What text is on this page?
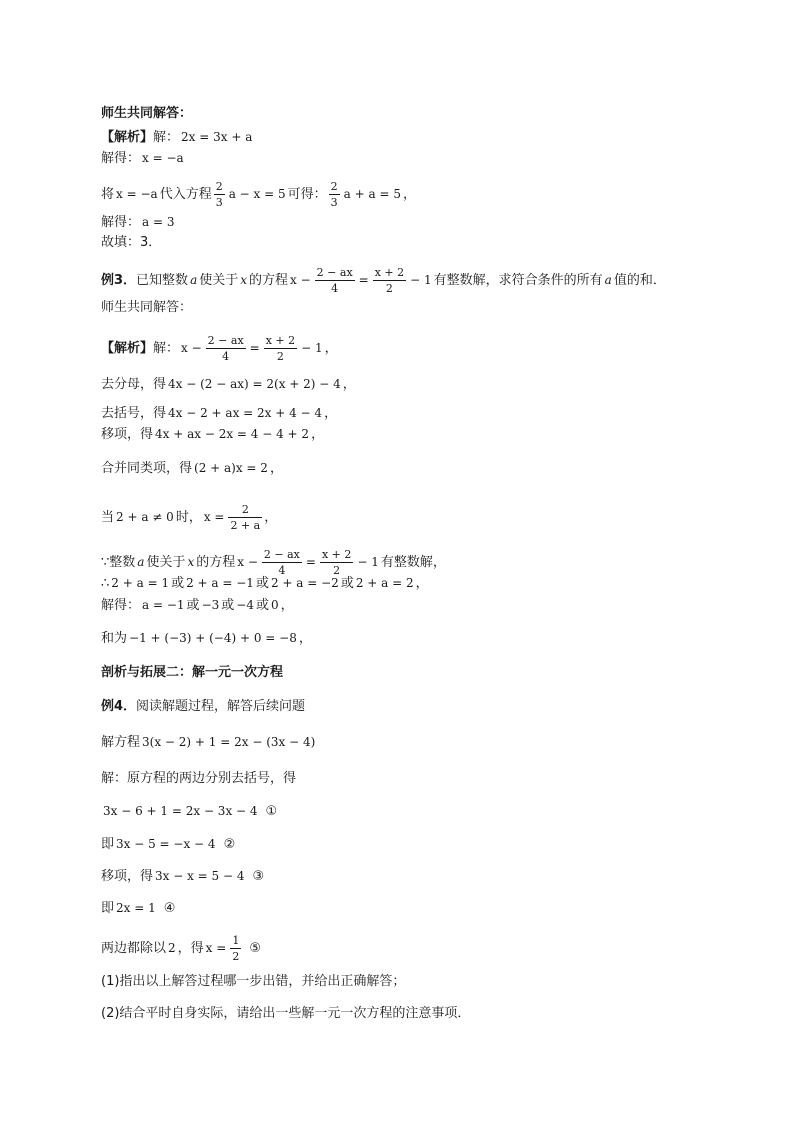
师生共同解答：
【解析】解： 2x = 3x + a
解得： x = −a
将 x = −a 代入方程 $\frac{2}{3}$ a − x = 5 可得： $\frac{2}{3}$ a + a = 5 ，
解得： a = 3
故填：3．
例3．已知整数 a 使关于 x 的方程 $x - \frac{2 - ax}{4} = \frac{x + 2}{2} - 1$ 有整数解，求符合条件的所有 a 值的和．
师生共同解答：
【解析】解： $x - \frac{2 - ax}{4} = \frac{x + 2}{2} - 1$ ，
去分母，得 4x − (2 − ax) = 2(x + 2) − 4 ，
去括号，得 4x − 2 + ax = 2x + 4 − 4 ，
移项，得 4x + ax − 2x = 4 − 4 + 2 ，
合并同类项，得 (2 + a)x = 2 ，
当 2 + a ≠ 0 时， $x = \frac{2}{2 + a}$ ，
∵整数 a 使关于 x 的方程 $x - \frac{2 - ax}{4} = \frac{x + 2}{2} - 1$ 有整数解，
∴ 2 + a = 1 或 2 + a = −1 或 2 + a = −2 或 2 + a = 2 ，
解得： a = −1 或 −3 或 −4 或 0 ，
和为 −1 + (−3) + (−4) + 0 = −8 ，
剖析与拓展二：解一元一次方程
例4．阅读解题过程，解答后续问题
解方程 3(x − 2) + 1 = 2x − (3x − 4)
解：原方程的两边分别去括号，得
3x − 6 + 1 = 2x − 3x − 4 ①
即 3x − 5 = −x − 4 ②
移项，得 3x − x = 5 − 4 ③
即 2x = 1 ④
两边都除以 2 ，得 $x = \frac{1}{2}$ ⑤
(1)指出以上解答过程哪一步出错，并给出正确解答；
(2)结合平时自身实际，请给出一些解一元一次方程的注意事项．
